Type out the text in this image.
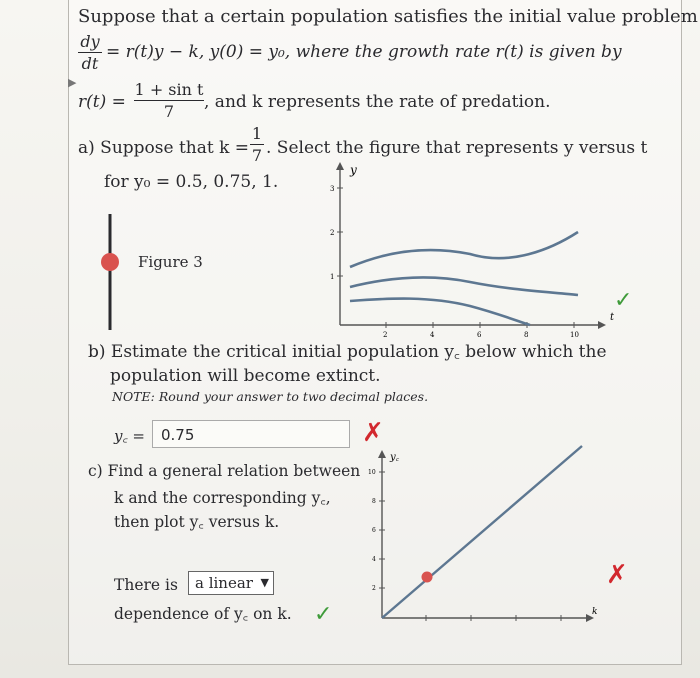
Suppose that a certain population satisfies the initial value problem
dy
dt
= r(t)y − k, y(0) = y₀, where the growth rate r(t) is given by
r(t) =
1 + sin t
7	, and k represents the rate of predation.
a) Suppose that k =
1
7 . Select the figure that represents y versus t
for y₀ = 0.5, 0.75, 1.
Figure 3
▶
y
t
1
2
3
2	4	6	8	10
✓
b) Estimate the critical initial population y꜀ below which the
population will become extinct.
NOTE: Round your answer to two decimal places.
y꜀ =	0.75	✗
c) Find a general relation between
k and the corresponding y꜀,
then plot y꜀ versus k.
There is	a linear ▼
dependence of y꜀ on k. ✓
y꜀
k
10
8
6
4
2	✗
